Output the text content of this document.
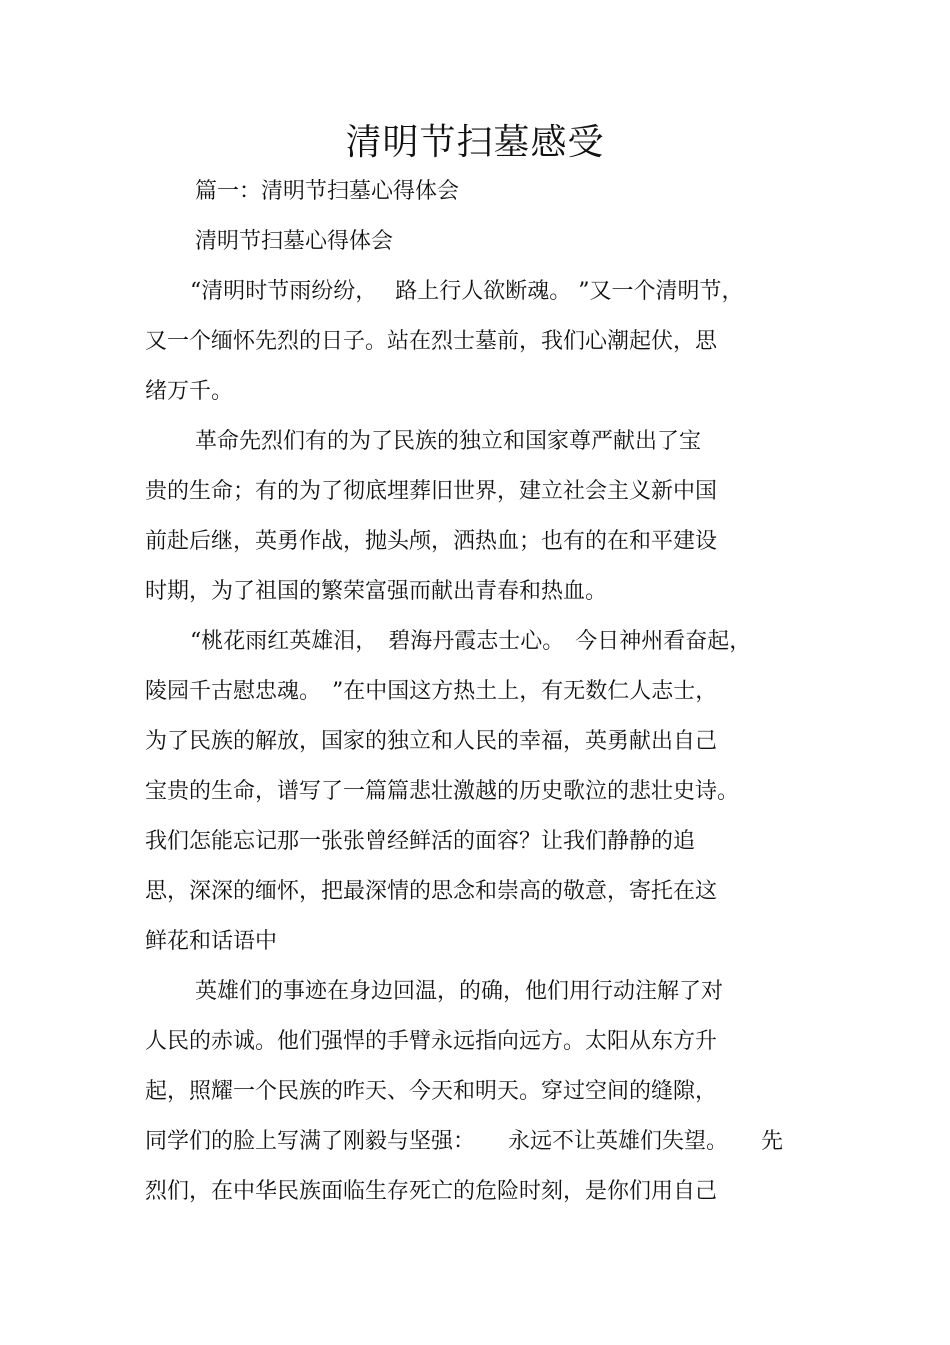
清明节扫墓感受
篇一：清明节扫墓心得体会
清明节扫墓心得体会
“清明时节雨纷纷，　 路上行人欲断魂。 ”又一个清明节，
又一个缅怀先烈的日子。站在烈士墓前，我们心潮起伏，思
绪万千。
革命先烈们有的为了民族的独立和国家尊严献出了宝
贵的生命；有的为了彻底埋葬旧世界，建立社会主义新中国
前赴后继，英勇作战，抛头颅，洒热血；也有的在和平建设
时期，为了祖国的繁荣富强而献出青春和热血。
“桃花雨红英雄泪，　碧海丹霞志士心。　今日神州看奋起，
陵园千古慰忠魂。　”在中国这方热土上，有无数仁人志士，
为了民族的解放，国家的独立和人民的幸福，英勇献出自己
宝贵的生命，谱写了一篇篇悲壮激越的历史歌泣的悲壮史诗。
我们怎能忘记那一张张曾经鲜活的面容？让我们静静的追
思，深深的缅怀，把最深情的思念和崇高的敬意，寄托在这
鲜花和话语中
英雄们的事迹在身边回温，的确，他们用行动注解了对
人民的赤诚。他们强悍的手臂永远指向远方。太阳从东方升
起，照耀一个民族的昨天、今天和明天。穿过空间的缝隙，
同学们的脸上写满了刚毅与坚强：　　永远不让英雄们失望。　　先
烈们，在中华民族面临生存死亡的危险时刻，是你们用自己
